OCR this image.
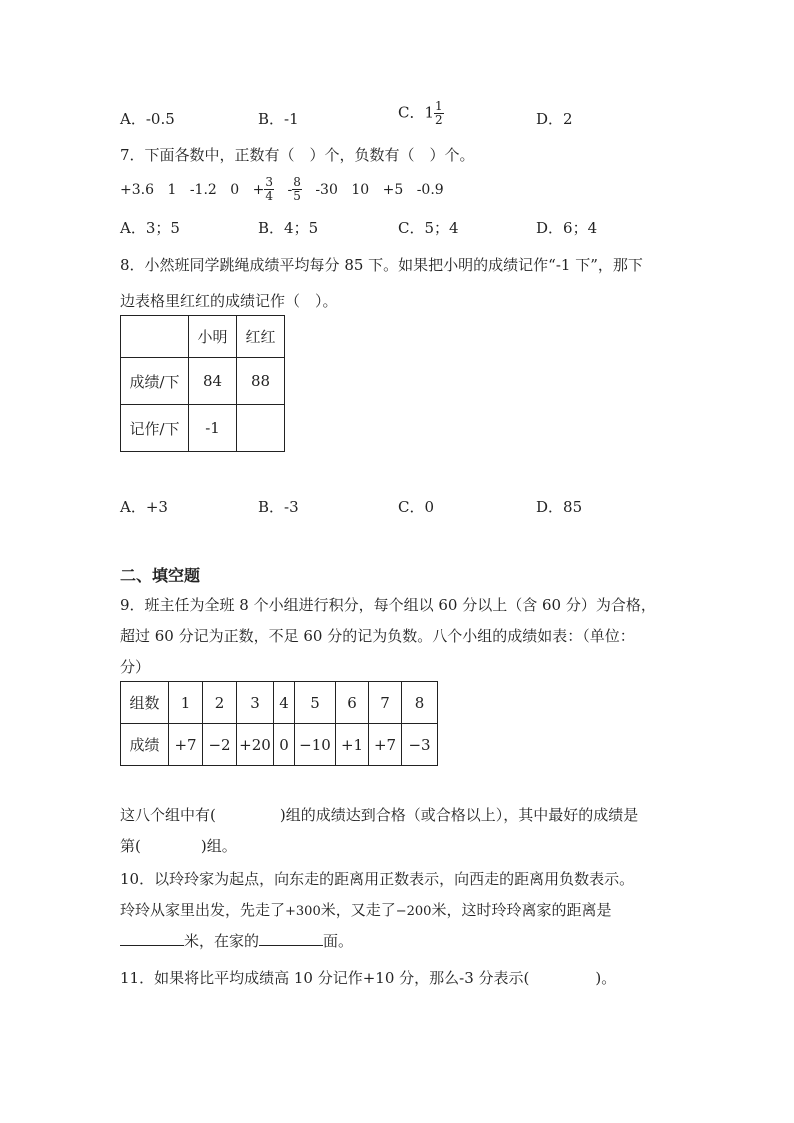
A．-0.5	B．-1	C．$1 \frac{1}{2}$	D．2
7．下面各数中，正数有（　）个，负数有（　）个。
+3.6 1 -1.2 $0 + \frac{3}{4} - \frac{8}{5} -30$ 10 +5 -0.9
A．3；5	B．4；5	C．5；4	D．6；4
8．小然班同学跳绳成绩平均每分 85 下。如果把小明的成绩记作“-1 下”，那下
边表格里红红的成绩记作（　）。
	小明	红红
成绩/下	84	88
记作/下	-1	
A．+3	B．-3	C．0	D．85
二、填空题
9．班主任为全班 8 个小组进行积分，每个组以 60 分以上（含 60 分）为合格，
超过 60 分记为正数，不足 60 分的记为负数。八个小组的成绩如表：（单位：
分）
组数	1	2	3	4	5	6	7	8
成绩	+7	−2	+20	0	−10	+1	+7	−3
这八个组中有(	)组的成绩达到合格（或合格以上），其中最好的成绩是
第(	)组。
10．以玲玲家为起点，向东走的距离用正数表示，向西走的距离用负数表示。
玲玲从家里出发，先走了+300米，又走了−200米，这时玲玲离家的距离是
米，在家的	面。
11．如果将比平均成绩高 10 分记作+10 分，那么-3 分表示(	)。
